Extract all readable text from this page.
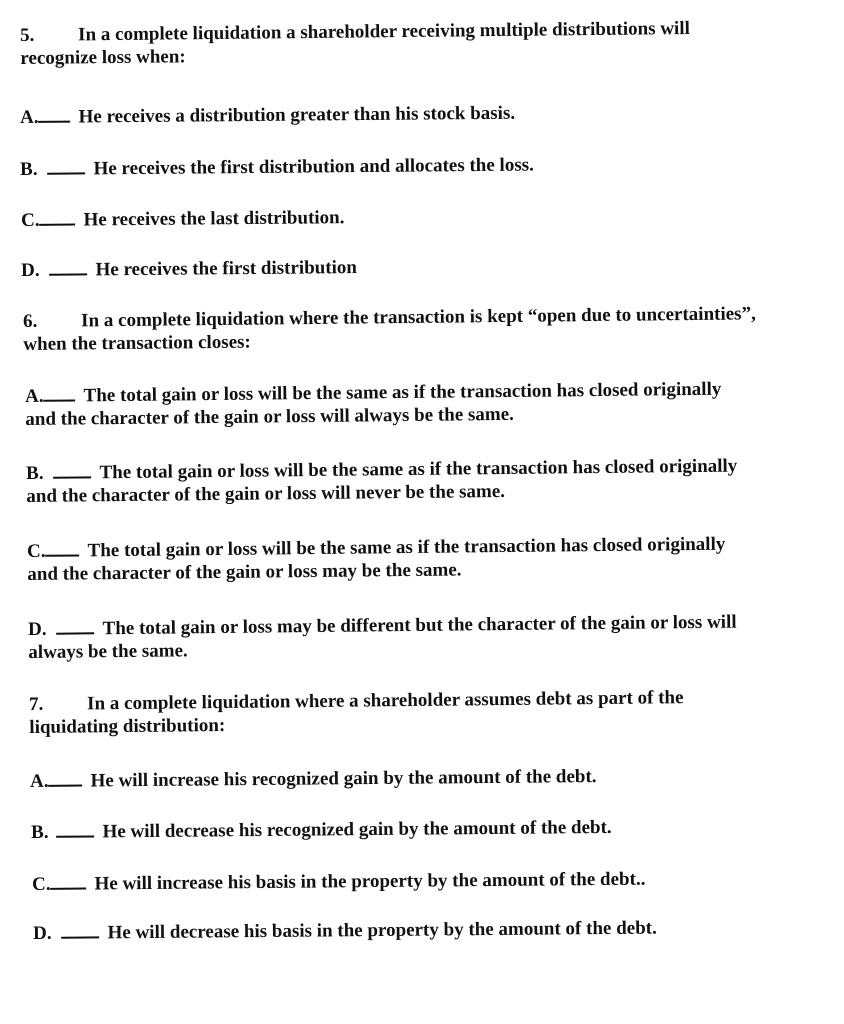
5. In a complete liquidation a shareholder receiving multiple distributions will
recognize loss when:
A. He receives a distribution greater than his stock basis.
B.	He receives the first distribution and allocates the loss.
C. He receives the last distribution.
D.	He receives the first distribution
6. In a complete liquidation where the transaction is kept “open due to uncertainties”,
when the transaction closes:
A. The total gain or loss will be the same as if the transaction has closed originally
and the character of the gain or loss will always be the same.
B.	The total gain or loss will be the same as if the transaction has closed originally
and the character of the gain or loss will never be the same.
C. The total gain or loss will be the same as if the transaction has closed originally
and the character of the gain or loss may be the same.
D.	The total gain or loss may be different but the character of the gain or loss will
always be the same.
7. In a complete liquidation where a shareholder assumes debt as part of the
liquidating distribution:
A. He will increase his recognized gain by the amount of the debt.
B.	He will decrease his recognized gain by the amount of the debt.
C. He will increase his basis in the property by the amount of the debt..
D.	He will decrease his basis in the property by the amount of the debt.
